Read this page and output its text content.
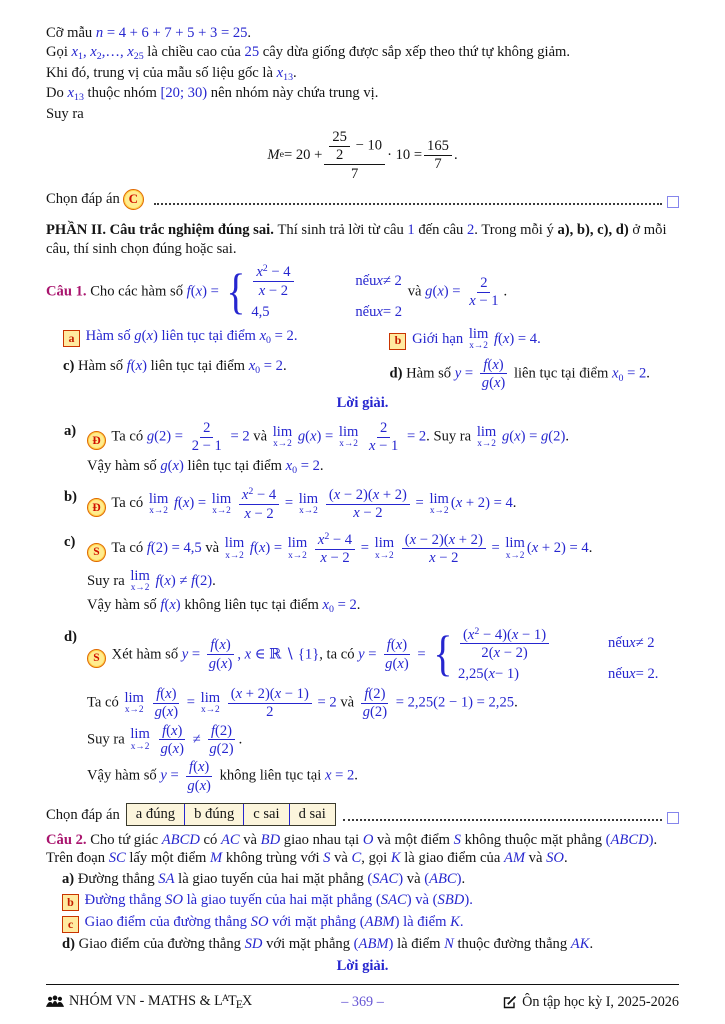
Cỡ mẫu n = 4 + 6 + 7 + 5 + 3 = 25.
Gọi $x_1$, $x_2,\dots$, $x_{25}$ là chiều cao của 25 cây dừa giống được sắp xếp theo thứ tự không giảm.
Khi đó, trung vị của mẫu số liệu gốc là $x_{13}$.
Do $x_{13}$ thuộc nhóm [20; 30) nên nhóm này chứa trung vị.
Suy ra
M $e = 20 + \frac{\frac{25}{2} - 10}{7} \cdot 10 = \frac{165}{7}$ .
Chọn đáp án C
PHẦN II. Câu trắc nghiệm đúng sai. Thí sinh trả lời từ câu 1 đến câu 2. Trong mỗi ý a), b), c), d) ở mỗi câu, thí sinh chọn đúng hoặc sai.
Câu 1. Cho các hàm số f(x) = { $\frac{x^2 - 4}{x - 2}$	nếu x ≠ 2
4,5	nếu x = 2
và $g(x) = \frac{2}{x - 1}$ .
a Hàm số g(x) liên tục tại điểm $x_0 = 2$.	b Giới hạn lim
x→2 f(x) = 4.
c) Hàm số f(x) liên tục tại điểm $x_0 = 2$.	d) Hàm số $y = \frac{f(x)}{g(x)}$ liên tục tại điểm $x_0 = 2$.
Lời giải.
a)
Đ Ta có $g(2) = \frac{2}{2 - 1} = 2$ và lim
x→2 g(x) = lim
x→2
$\frac{2}{x - 1} = 2$. Suy ra lim
x→2 g(x) = g(2).
Vậy hàm số g(x) liên tục tại điểm $x_0 = 2$.
b)
Đ Ta có lim
x→2 f(x) = lim
x→2
$\frac{x^2 - 4}{x - 2} = \lim$
x→2
$\frac{(x - 2)(x + 2)}{x - 2} = \lim$
x→2 (x + 2) = 4.
c)
S Ta có f(2) = 4,5 và lim
x→2 f(x) = lim
x→2
$\frac{x^2 - 4}{x - 2} = \lim$
x→2
$\frac{(x - 2)(x + 2)}{x - 2} = \lim$
x→2 (x + 2) = 4.
Suy ra lim
x→2 f(x) ≠ f(2).
Vậy hàm số f(x) không liên tục tại điểm $x_0 = 2$.
d)
S Xét hàm số $y = \frac{f(x)}{g(x)}$ , x ∈ ℝ ∖ {1}, ta có $y = \frac{f(x)}{g(x)}$ = { $\frac{(x^2 - 4)(x - 1)}{2(x - 2)}$	nếu x ≠ 2
2,25( x − 1)	nếu x = 2.
Ta có lim
x→2
$\frac{f(x)}{g(x)} = \lim$
x→2
$\frac{(x + 2)(x - 1)}{2} = 2$ và $\frac{f(2)}{g(2)} = 2,25(2 - 1) = 2,25$.
Suy ra lim
x→2
$\frac{f(x)}{g(x)} \ne \frac{f(2)}{g(2)}$ .
Vậy hàm số $y = \frac{f(x)}{g(x)}$ không liên tục tại x = 2.
Chọn đáp án	a đúng	b đúng	c sai	d sai
Câu 2. Cho tứ giác ABCD có AC và BD giao nhau tại O và một điểm S không thuộc mặt phẳng (ABCD). Trên đoạn SC lấy một điểm M không trùng với S và C, gọi K là giao điểm của AM và SO.
a) Đường thẳng SA là giao tuyến của hai mặt phẳng (SAC) và (ABC).
b Đường thẳng SO là giao tuyến của hai mặt phẳng (SAC) và (SBD).
c Giao điểm của đường thẳng SO với mặt phẳng (ABM) là điểm K.
d) Giao điểm của đường thẳng SD với mặt phẳng (ABM) là điểm N thuộc đường thẳng AK.
Lời giải.
NHÓM VN - MATHS & $L^AT_EX$	– 369 –	Ôn tập học kỳ I, 2025-2026
